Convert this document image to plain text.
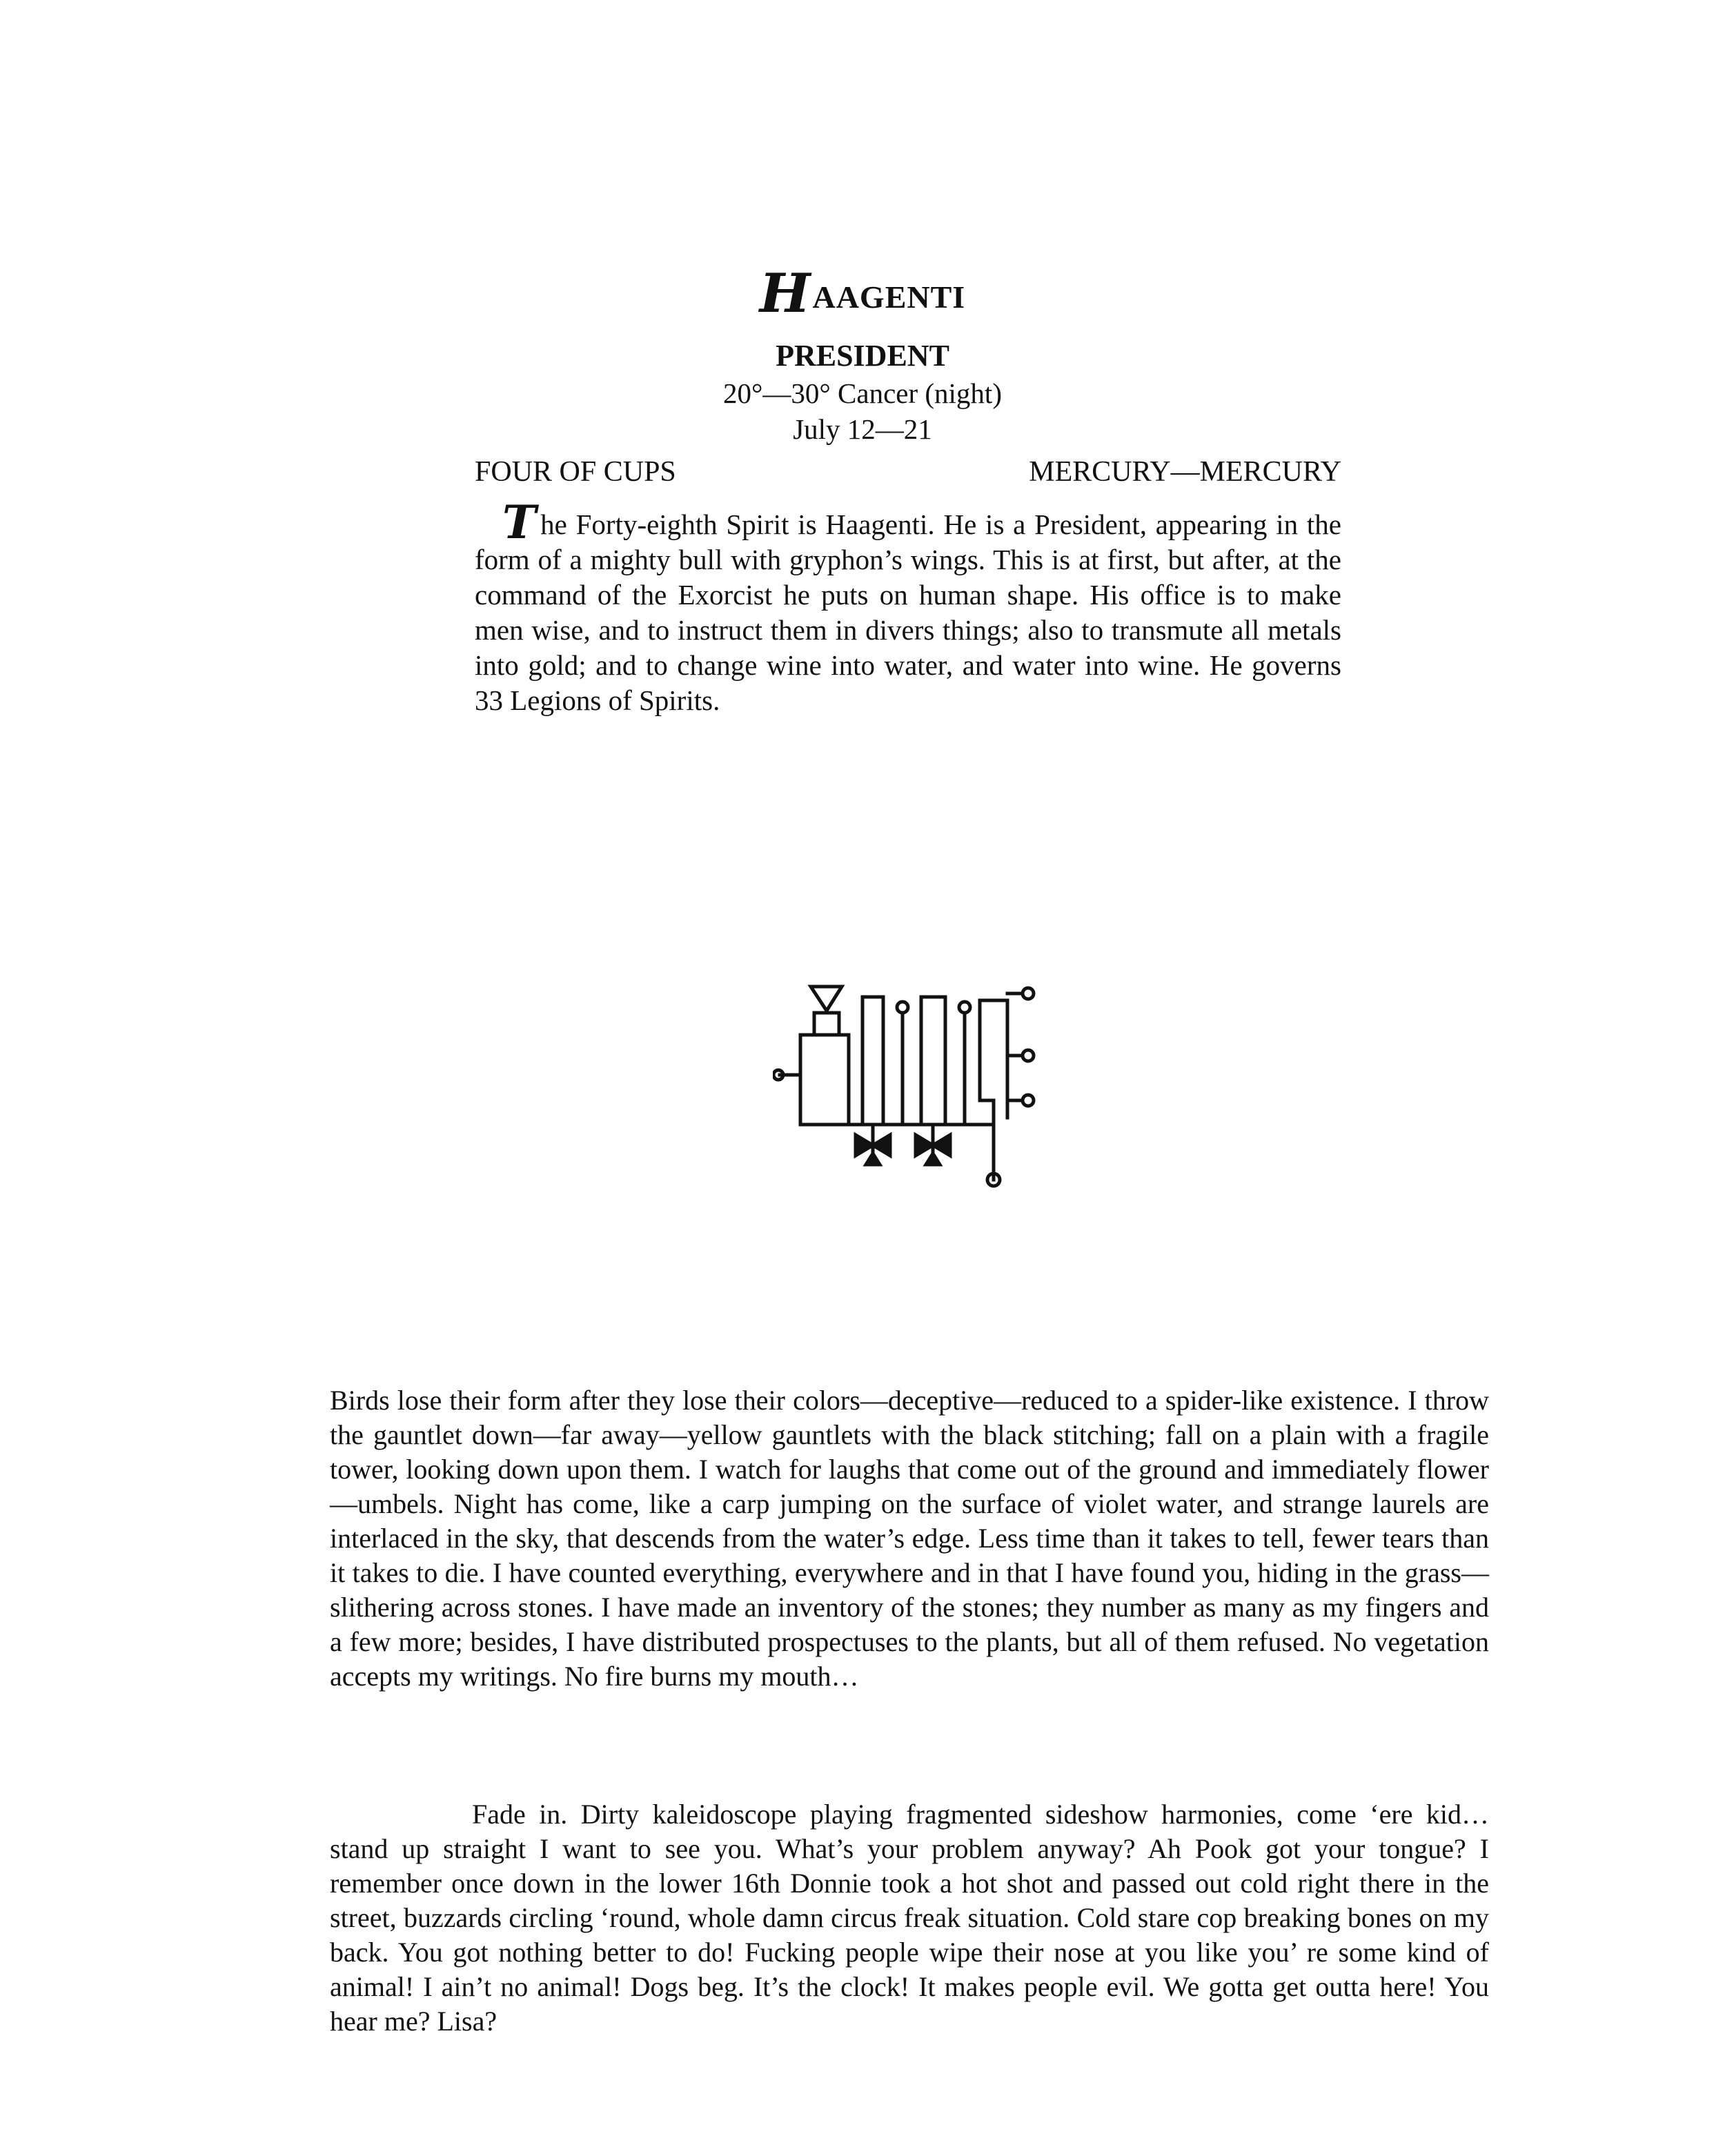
HAAGENTI
PRESIDENT
20°—30° Cancer (night)
July 12—21
FOUR OF CUPS	MERCURY—MERCURY
The Forty-eighth Spirit is Haagenti. He is a President, appearing in the form of a mighty bull with gryphon’s wings. This is at first, but after, at the command of the Exorcist he puts on human shape. His office is to make men wise, and to instruct them in divers things; also to transmute all metals into gold; and to change wine into water, and water into wine. He governs 33 Legions of Spirits.
Birds lose their form after they lose their colors—deceptive—reduced to a spider-like existence. I throw the gauntlet down—far away—yellow gauntlets with the black stitching; fall on a plain with a fragile tower, looking down upon them. I watch for laughs that come out of the ground and immediately flower—umbels. Night has come, like a carp jumping on the surface of violet water, and strange laurels are interlaced in the sky, that descends from the water’s edge. Less time than it takes to tell, fewer tears than it takes to die. I have counted everything, everywhere and in that I have found you, hiding in the grass—slithering across stones. I have made an inventory of the stones; they number as many as my fingers and a few more; besides, I have distributed prospectuses to the plants, but all of them refused. No vegetation accepts my writings. No fire burns my mouth…
Fade in. Dirty kaleidoscope playing fragmented sideshow harmonies, come ‘ere kid… stand up straight I want to see you. What’s your problem anyway? Ah Pook got your tongue? I remember once down in the lower 16th Donnie took a hot shot and passed out cold right there in the street, buzzards circling ‘round, whole damn circus freak situation. Cold stare cop breaking bones on my back. You got nothing better to do! Fucking people wipe their nose at you like you’ re some kind of animal! I ain’t no animal! Dogs beg. It’s the clock! It makes people evil. We gotta get outta here! You hear me? Lisa?
